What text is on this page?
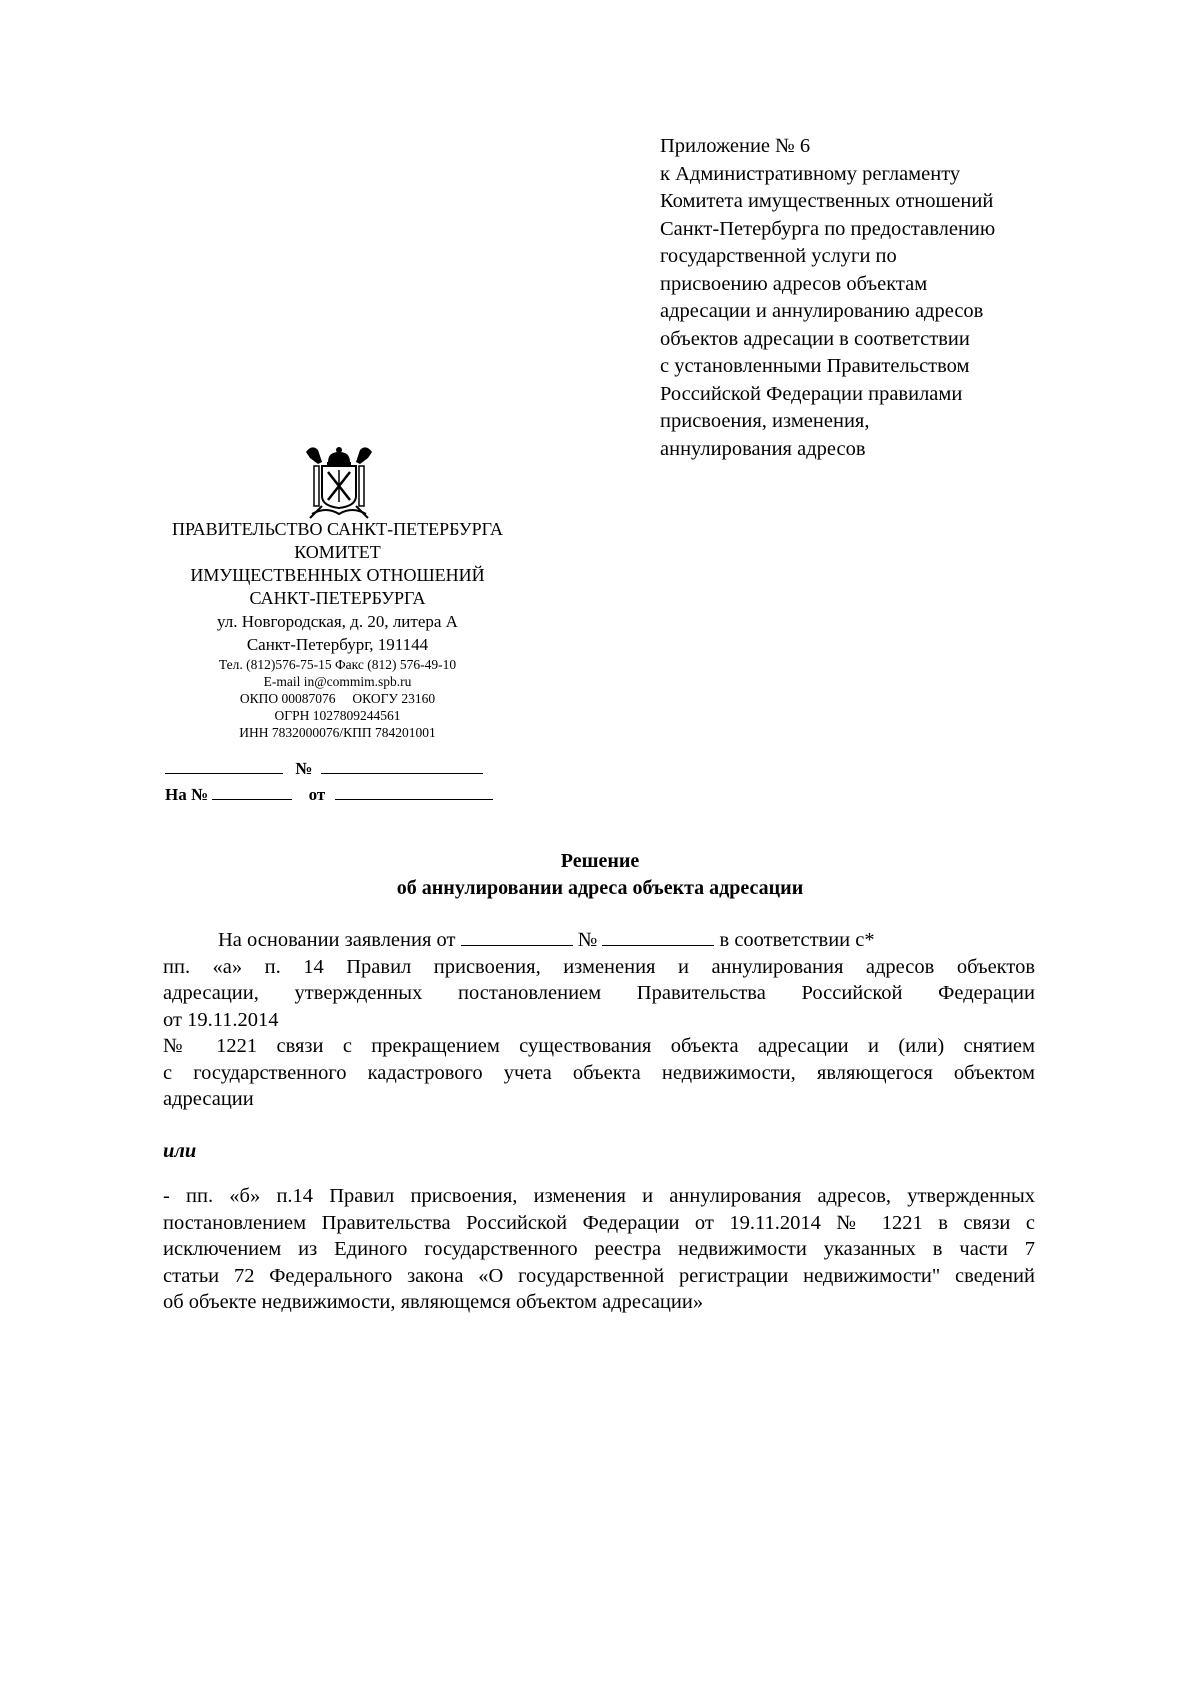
Приложение № 6
к Административному регламенту
Комитета имущественных отношений
Санкт-Петербурга по предоставлению
государственной услуги по
присвоению адресов объектам
адресации и аннулированию адресов
объектов адресации в соответствии
с установленными Правительством
Российской Федерации правилами
присвоения, изменения,
аннулирования адресов
ПРАВИТЕЛЬСТВО САНКТ-ПЕТЕРБУРГА
КОМИТЕТ
ИМУЩЕСТВЕННЫХ ОТНОШЕНИЙ
САНКТ-ПЕТЕРБУРГА
ул. Новгородская, д. 20, литера А
Санкт-Петербург, 191144
Тел. (812)576-75-15 Факс (812) 576-49-10
E-mail in@commim.spb.ru
ОКПО 00087076 ОКОГУ 23160
ОГРН 1027809244561
ИНН 7832000076/КПП 784201001
№
На №	от
Решение
об аннулировании адреса объекта адресации
На основании заявления от	№	в соответствии с*
пп. «а» п. 14 Правил присвоения, изменения и аннулирования адресов объектов
адресации, утвержденных постановлением Правительства Российской Федерации
от 19.11.2014
№ 1221 связи с прекращением существования объекта адресации и (или) снятием
с государственного кадастрового учета объекта недвижимости, являющегося объектом
адресации
или
- пп. «б» п.14 Правил присвоения, изменения и аннулирования адресов, утвержденных
постановлением Правительства Российской Федерации от 19.11.2014 № 1221 в связи с
исключением из Единого государственного реестра недвижимости указанных в части 7
статьи 72 Федерального закона «О государственной регистрации недвижимости" сведений
об объекте недвижимости, являющемся объектом адресации»
